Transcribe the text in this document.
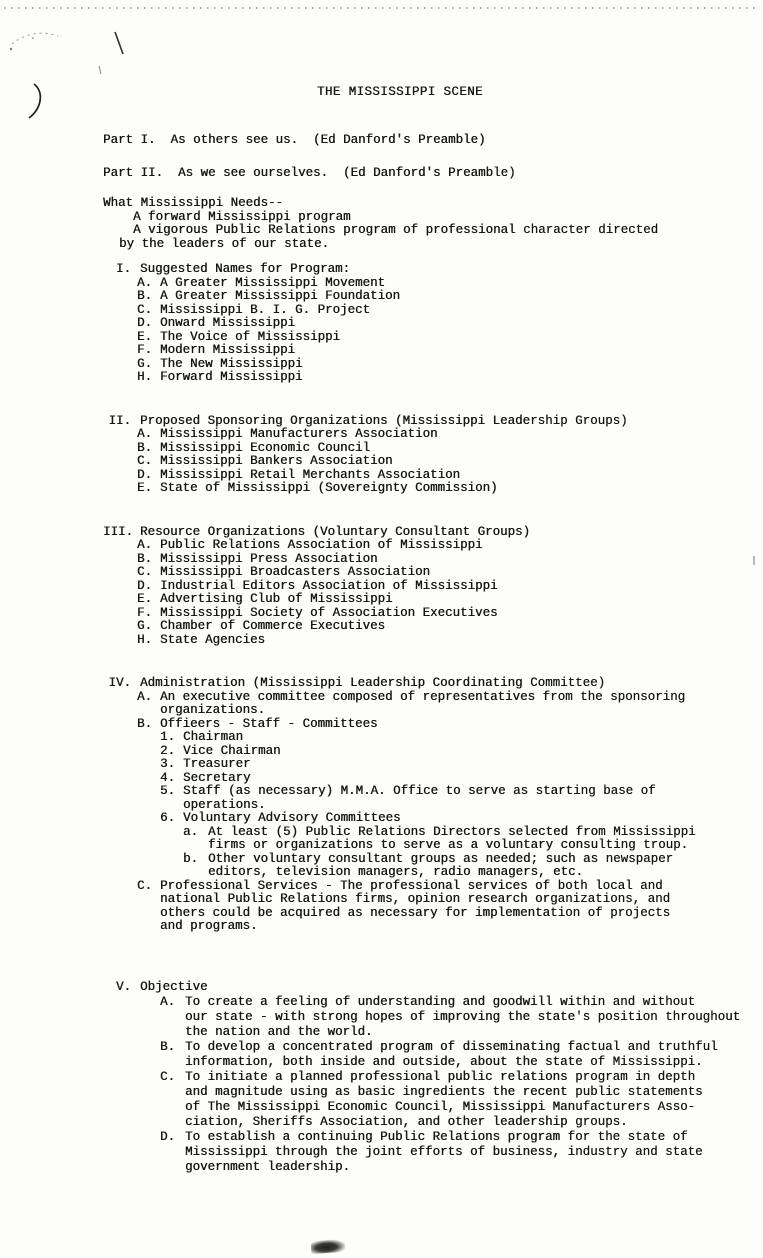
THE MISSISSIPPI SCENE
Part I.  As others see us.  (Ed Danford's Preamble)
Part II.  As we see ourselves.  (Ed Danford's Preamble)
What Mississippi Needs--
A forward Mississippi program
A vigorous Public Relations program of professional character directed
by the leaders of our state.
I. Suggested Names for Program:
A. A Greater Mississippi Movement
B. A Greater Mississippi Foundation
C. Mississippi B. I. G. Project
D. Onward Mississippi
E. The Voice of Mississippi
F. Modern Mississippi
G. The New Mississippi
H. Forward Mississippi
II. Proposed Sponsoring Organizations (Mississippi Leadership Groups)
A. Mississippi Manufacturers Association
B. Mississippi Economic Council
C. Mississippi Bankers Association
D. Mississippi Retail Merchants Association
E. State of Mississippi (Sovereignty Commission)
III. Resource Organizations (Voluntary Consultant Groups)
A. Public Relations Association of Mississippi
B. Mississippi Press Association
C. Mississippi Broadcasters Association
D. Industrial Editors Association of Mississippi
E. Advertising Club of Mississippi
F. Mississippi Society of Association Executives
G. Chamber of Commerce Executives
H. State Agencies
IV. Administration (Mississippi Leadership Coordinating Committee)
A. An executive committee composed of representatives from the sponsoring
organizations.
B. Offieers - Staff - Committees
1. Chairman
2. Vice Chairman
3. Treasurer
4. Secretary
5. Staff (as necessary) M.M.A. Office to serve as starting base of
operations.
6. Voluntary Advisory Committees
a. At least (5) Public Relations Directors selected from Mississippi
firms or organizations to serve as a voluntary consulting troup.
b. Other voluntary consultant groups as needed; such as newspaper
editors, television managers, radio managers, etc.
C. Professional Services - The professional services of both local and
national Public Relations firms, opinion research organizations, and
others could be acquired as necessary for implementation of projects
and programs.
V. Objective
A. To create a feeling of understanding and goodwill within and without
our state - with strong hopes of improving the state's position throughout
the nation and the world.
B. To develop a concentrated program of disseminating factual and truthful
information, both inside and outside, about the state of Mississippi.
C. To initiate a planned professional public relations program in depth
and magnitude using as basic ingredients the recent public statements
of The Mississippi Economic Council, Mississippi Manufacturers Asso-
ciation, Sheriffs Association, and other leadership groups.
D. To establish a continuing Public Relations program for the state of
Mississippi through the joint efforts of business, industry and state
government leadership.
